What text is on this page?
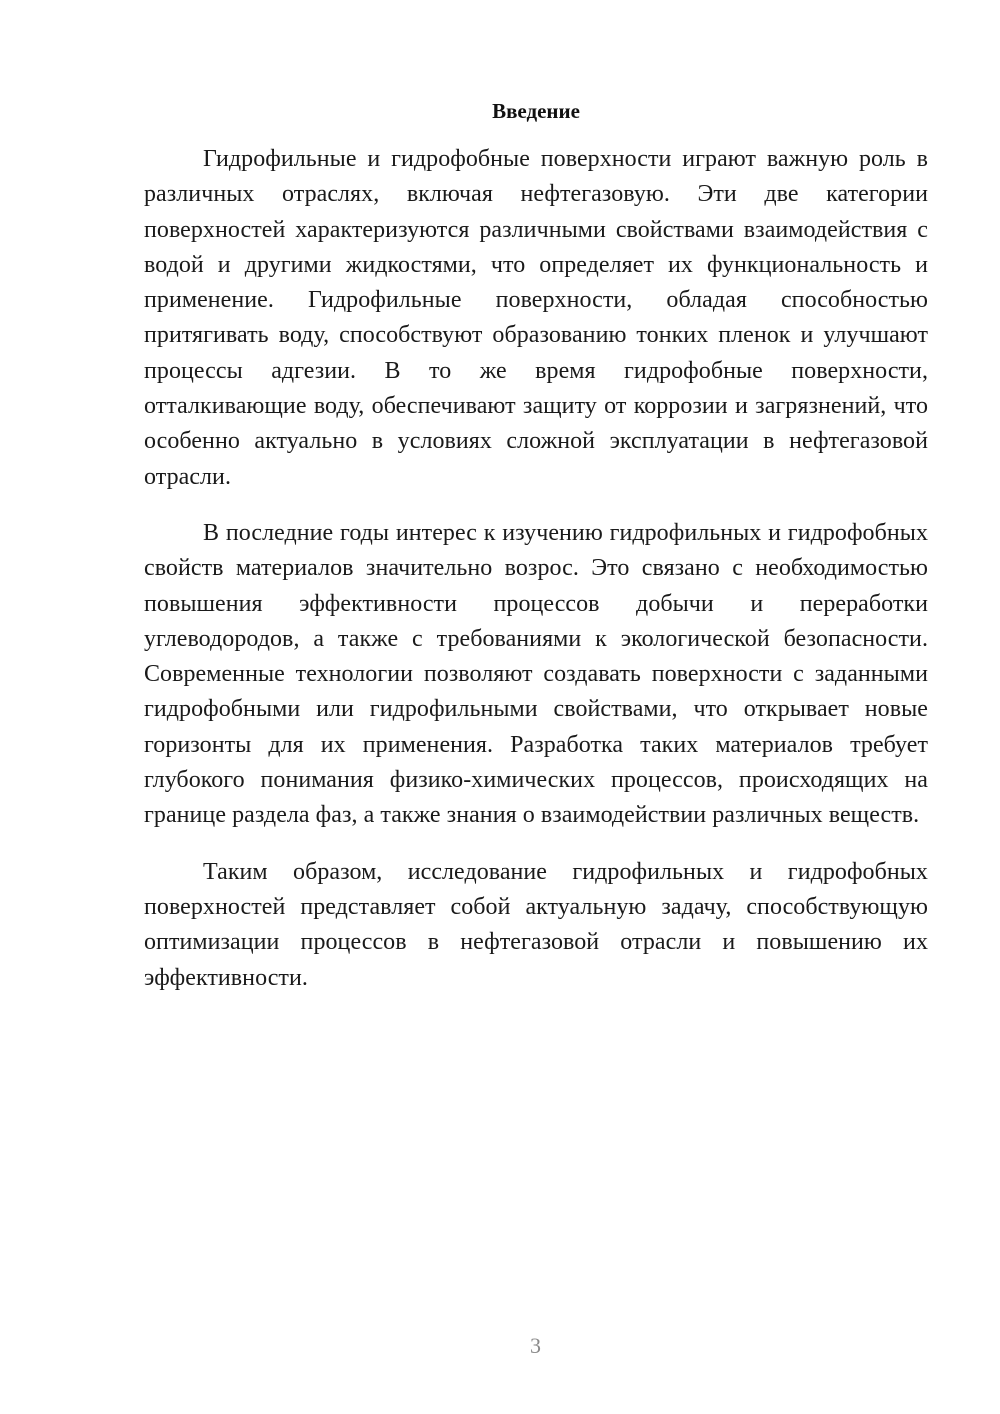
Введение

Гидрофильные и гидрофобные поверхности играют важную роль в различных отраслях, включая нефтегазовую. Эти две категории поверхностей характеризуются различными свойствами взаимодействия с водой и другими жидкостями, что определяет их функциональность и применение. Гидрофильные поверхности, обладая способностью притягивать воду, способствуют образованию тонких пленок и улучшают процессы адгезии. В то же время гидрофобные поверхности, отталкивающие воду, обеспечивают защиту от коррозии и загрязнений, что особенно актуально в условиях сложной эксплуатации в нефтегазовой отрасли.

В последние годы интерес к изучению гидрофильных и гидрофобных свойств материалов значительно возрос. Это связано с необходимостью повышения эффективности процессов добычи и переработки углеводородов, а также с требованиями к экологической безопасности. Современные технологии позволяют создавать поверхности с заданными гидрофобными или гидрофильными свойствами, что открывает новые горизонты для их применения. Разработка таких материалов требует глубокого понимания физико-химических процессов, происходящих на границе раздела фаз, а также знания о взаимодействии различных веществ.

Таким образом, исследование гидрофильных и гидрофобных поверхностей представляет собой актуальную задачу, способствующую оптимизации процессов в нефтегазовой отрасли и повышению их эффективности.

3
